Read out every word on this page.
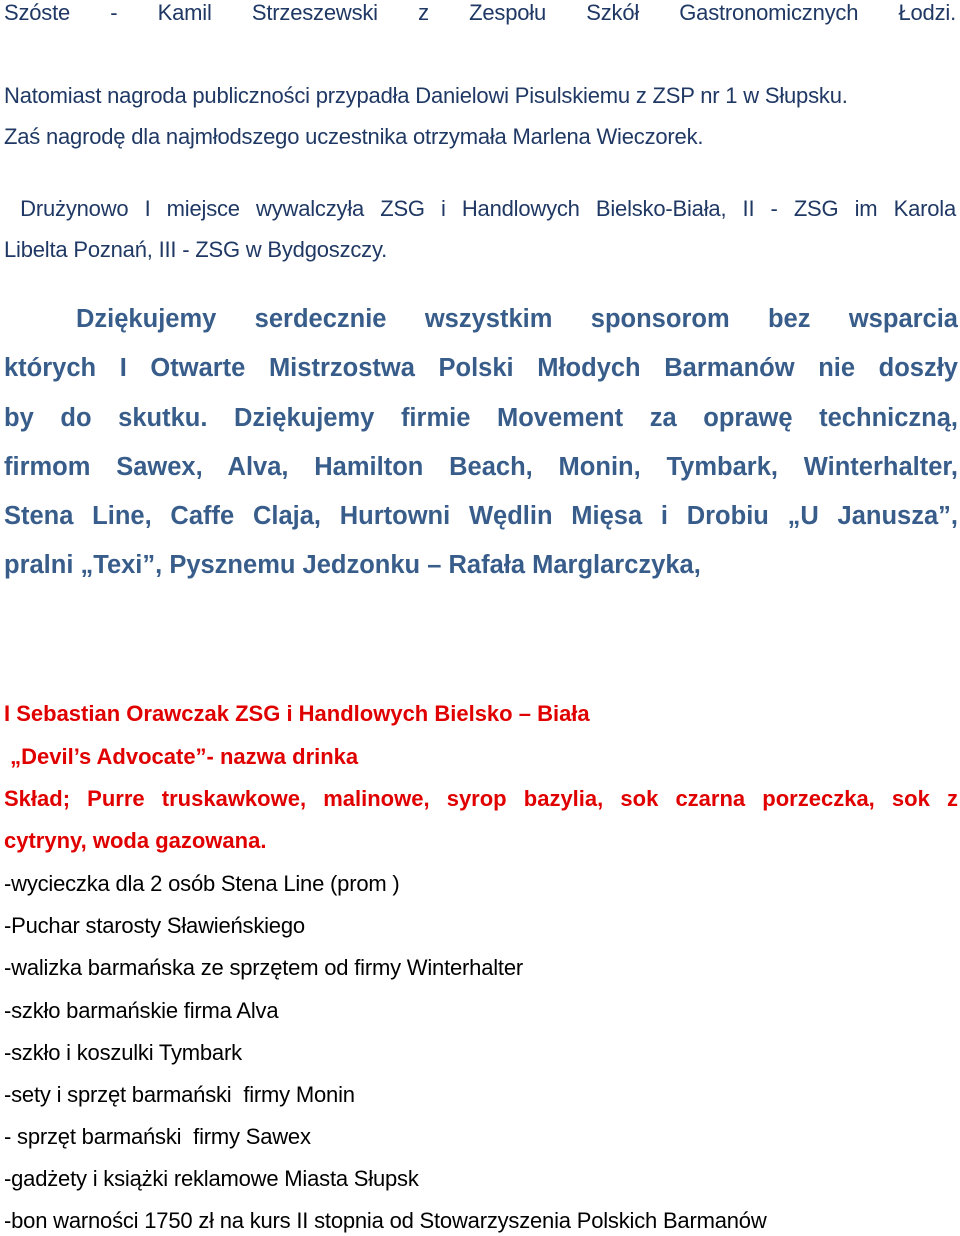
Szóste - Kamil Strzeszewski z Zespołu Szkół Gastronomicznych Łodzi.

Natomiast nagroda publiczności przypadła Danielowi Pisulskiemu z ZSP nr 1 w Słupsku.

Zaś nagrodę dla najmłodszego uczestnika otrzymała Marlena Wieczorek.

Drużynowo I miejsce wywalczyła ZSG i Handlowych Bielsko-Biała, II - ZSG im Karola

Libelta Poznań, III - ZSG w Bydgoszczy.

Dziękujemy serdecznie wszystkim sponsorom bez wsparcia

których I Otwarte Mistrzostwa Polski Młodych Barmanów nie doszły

by do skutku. Dziękujemy firmie Movement za oprawę techniczną,

firmom Sawex, Alva, Hamilton Beach, Monin, Tymbark, Winterhalter,

Stena Line, Caffe Claja, Hurtowni Wędlin Mięsa i Drobiu „U Janusza”,

pralni „Texi”, Pysznemu Jedzonku – Rafała Marglarczyka,

I Sebastian Orawczak ZSG i Handlowych Bielsko – Biała

„Devil’s Advocate”- nazwa drinka

Skład; Purre truskawkowe, malinowe, syrop bazylia, sok czarna porzeczka, sok z

cytryny, woda gazowana.

-wycieczka dla 2 osób Stena Line (prom )

-Puchar starosty Sławieńskiego

-walizka barmańska ze sprzętem od firmy Winterhalter

-szkło barmańskie firma Alva

-szkło i koszulki Tymbark

-sety i sprzęt barmański  firmy Monin

- sprzęt barmański  firmy Sawex

-gadżety i książki reklamowe Miasta Słupsk

-bon warności 1750 zł na kurs II stopnia od Stowarzyszenia Polskich Barmanów
